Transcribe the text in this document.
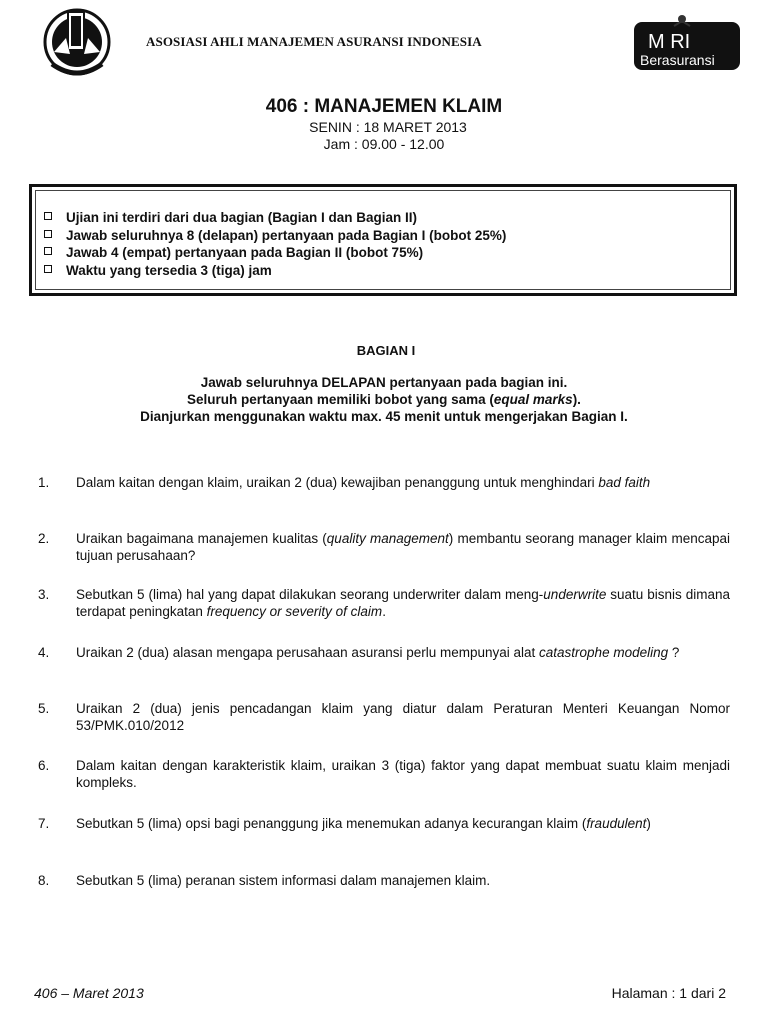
ASOSIASI AHLI MANAJEMEN ASURANSI INDONESIA	M RI
Berasuransi
406 : MANAJEMEN KLAIM
SENIN : 18 MARET 2013
Jam : 09.00 - 12.00
Ujian ini terdiri dari dua bagian (Bagian I dan Bagian II)
Jawab seluruhnya 8 (delapan) pertanyaan pada Bagian I (bobot 25%)
Jawab 4 (empat) pertanyaan pada Bagian II (bobot 75%)
Waktu yang tersedia 3 (tiga) jam
BAGIAN I
Jawab seluruhnya DELAPAN pertanyaan pada bagian ini.
Seluruh pertanyaan memiliki bobot yang sama (equal marks).
Dianjurkan menggunakan waktu max. 45 menit untuk mengerjakan Bagian I.
1. Dalam kaitan dengan klaim, uraikan 2 (dua) kewajiban penanggung untuk menghindari bad faith
2. Uraikan bagaimana manajemen kualitas (quality management) membantu seorang manager klaim mencapai tujuan perusahaan?
3. Sebutkan 5 (lima) hal yang dapat dilakukan seorang underwriter dalam meng-underwrite suatu bisnis dimana terdapat peningkatan frequency or severity of claim.
4. Uraikan 2 (dua) alasan mengapa perusahaan asuransi perlu mempunyai alat catastrophe modeling ?
5. Uraikan 2 (dua) jenis pencadangan klaim yang diatur dalam Peraturan Menteri Keuangan Nomor 53/PMK.010/2012
6. Dalam kaitan dengan karakteristik klaim, uraikan 3 (tiga) faktor yang dapat membuat suatu klaim menjadi kompleks.
7. Sebutkan 5 (lima) opsi bagi penanggung jika menemukan adanya kecurangan klaim (fraudulent)
8. Sebutkan 5 (lima) peranan sistem informasi dalam manajemen klaim.
406 – Maret 2013	Halaman : 1 dari 2
